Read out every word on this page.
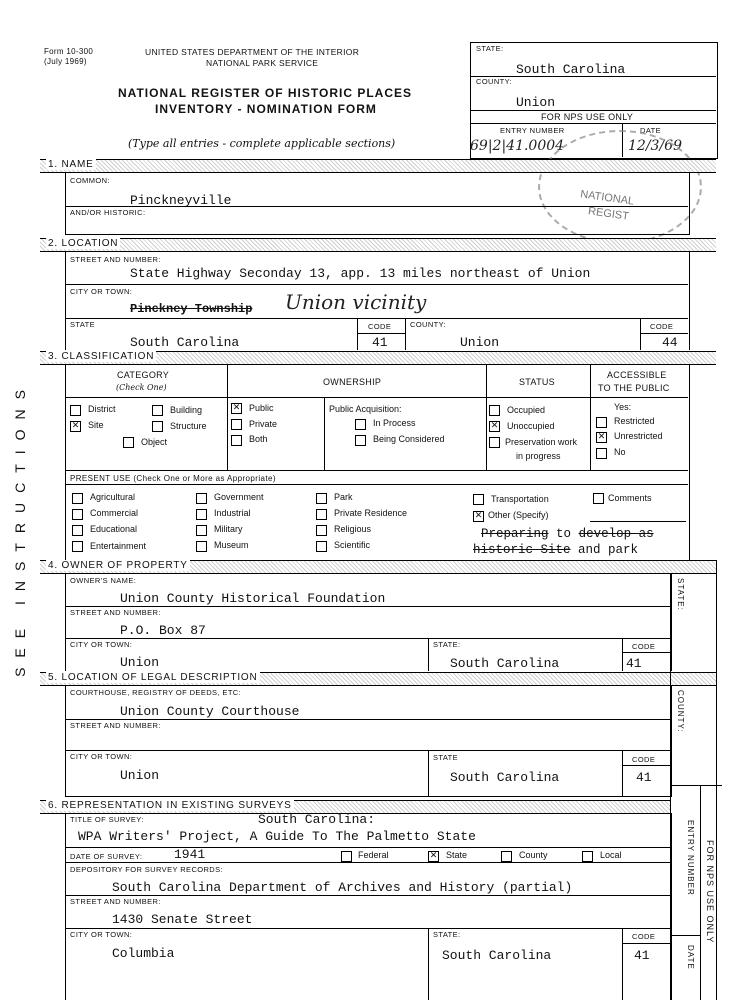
Form 10-300
(July 1969)
UNITED STATES DEPARTMENT OF THE INTERIOR
NATIONAL PARK SERVICE
NATIONAL REGISTER OF HISTORIC PLACES
INVENTORY - NOMINATION FORM
(Type all entries - complete applicable sections)
SEE INSTRUCTIONS
STATE:
South Carolina
COUNTY:
Union
FOR NPS USE ONLY
ENTRY NUMBER	DATE
69|2|41.0004	12/3/69
NATIONAL
REGIST
1. NAME
COMMON:
Pinckneyville
AND/OR HISTORIC:
2. LOCATION
STREET AND NUMBER:
State Highway Seconday 13, app. 13 miles northeast of Union
CITY OR TOWN:
Pinckney Township Union vicinity
STATE
South Carolina
CODE
41
COUNTY:
Union
CODE
44
3. CLASSIFICATION
CATEGORY
(Check One)
OWNERSHIP	STATUS
ACCESSIBLE
TO THE PUBLIC
District
✕ Site
Building
Structure
Object
✕ Public
Private
Both
Public Acquisition:
In Process
Being Considered
Occupied
✕ Unoccupied
Preservation work
in progress
Yes:
Restricted
✕ Unrestricted
No
PRESENT USE (Check One or More as Appropriate)
Agricultural
Commercial
Educational
Entertainment
Government
Industrial
Military
Museum
Park
Private Residence
Religious
Scientific
Transportation
✕ Other (Specify)
Comments
Preparing to develop as
historic Site and park
4. OWNER OF PROPERTY
OWNER'S NAME:
Union County Historical Foundation
STREET AND NUMBER:
P.O. Box 87
CITY OR TOWN:
Union
STATE:
South Carolina
CODE
41
5. LOCATION OF LEGAL DESCRIPTION
COURTHOUSE, REGISTRY OF DEEDS, ETC:
Union County Courthouse
STREET AND NUMBER:
CITY OR TOWN:
Union
STATE
South Carolina
CODE
41
6. REPRESENTATION IN EXISTING SURVEYS
TITLE OF SURVEY:	South Carolina:
WPA Writers' Project, A Guide To The Palmetto State
DATE OF SURVEY: 1941	Federal	✕ State	County	Local
DEPOSITORY FOR SURVEY RECORDS:
South Carolina Department of Archives and History (partial)
STREET AND NUMBER:
1430 Senate Street
CITY OR TOWN:
Columbia
STATE:
South Carolina
CODE
41
STATE:
COUNTY:
ENTRY NUMBER
DATE
FOR NPS USE ONLY
